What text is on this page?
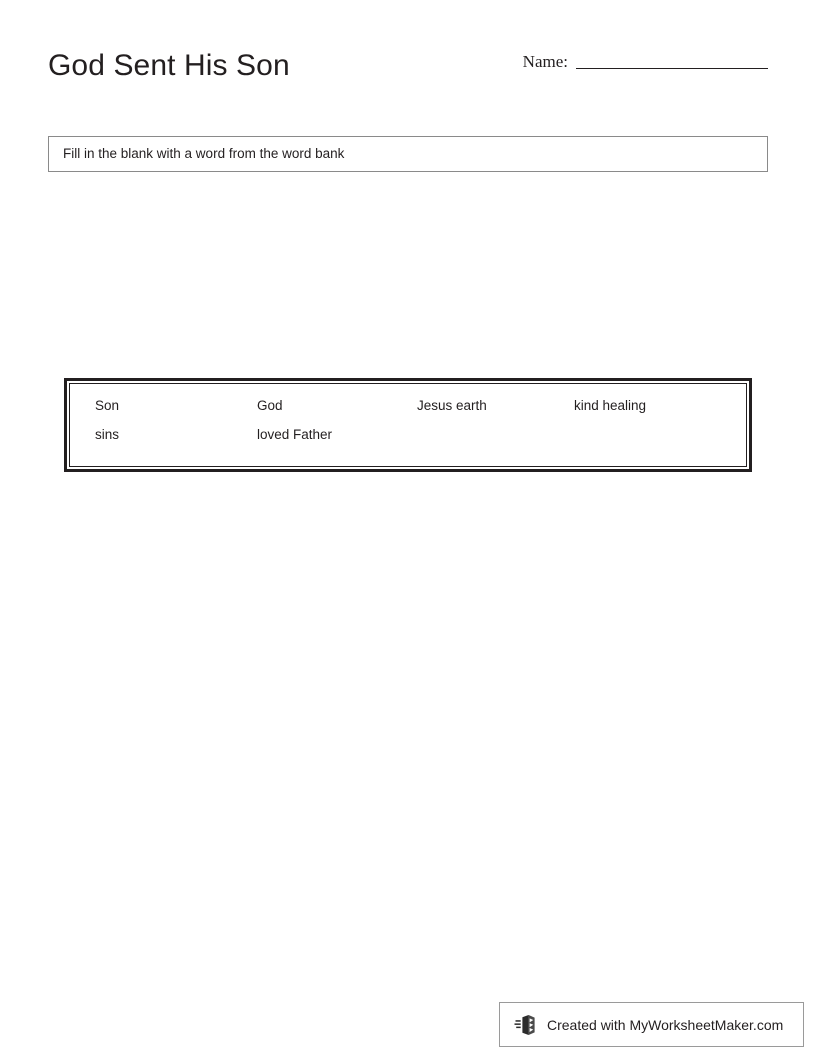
God Sent His Son	Name:
Fill in the blank with a word from the word bank
Son	God	Jesus earth	kind healing
sins	loved Father
Created with MyWorksheetMaker.com
